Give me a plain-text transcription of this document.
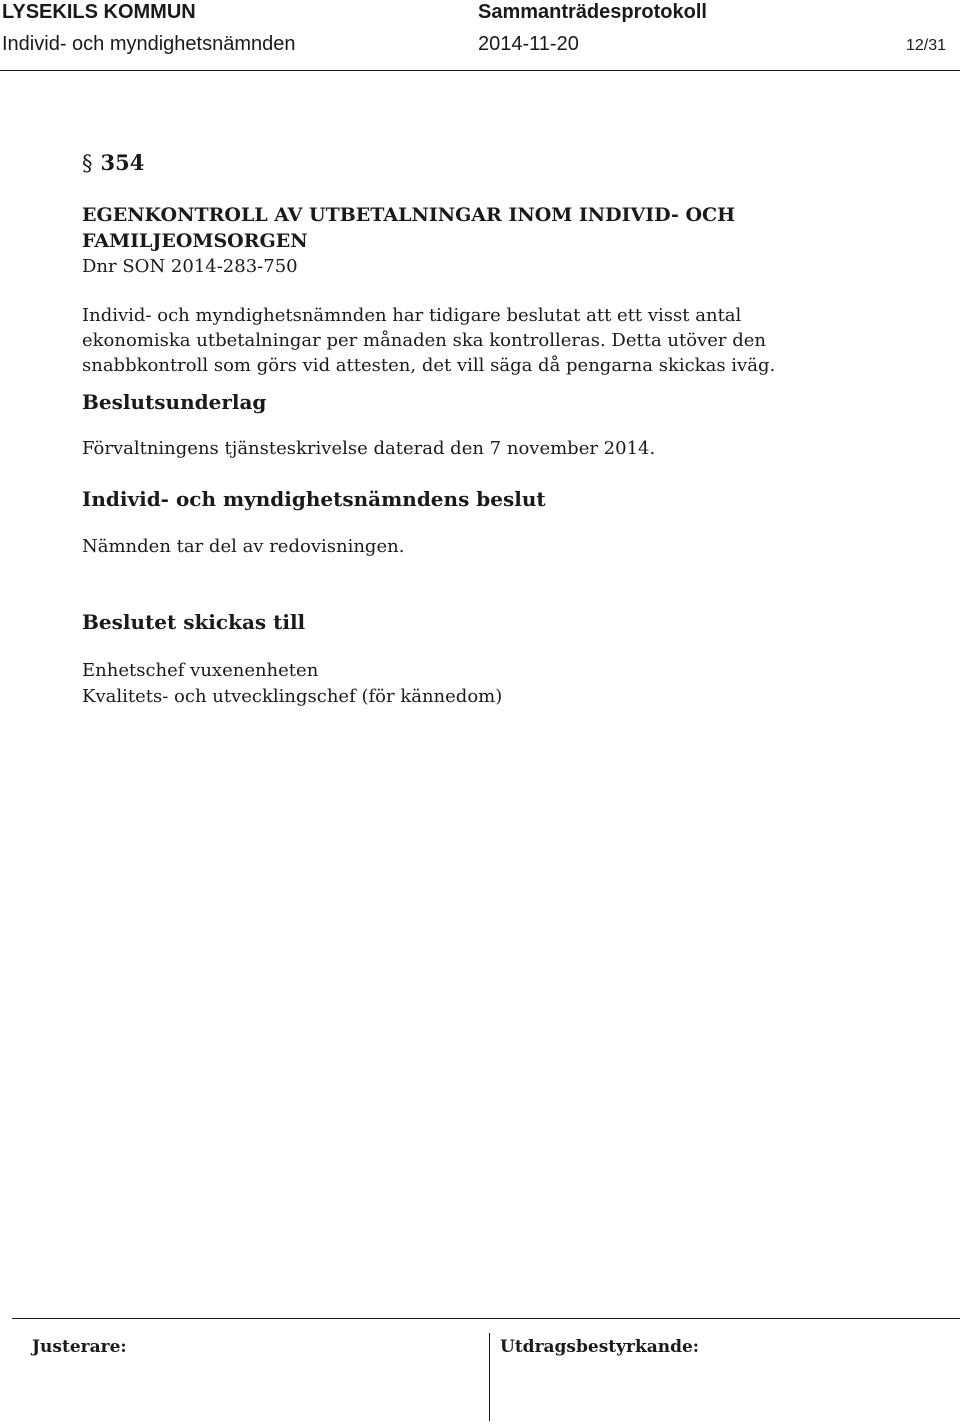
LYSEKILS KOMMUN	Sammanträdesprotokoll
Individ- och myndighetsnämnden	2014-11-20	12/31

§ 354

EGENKONTROLL AV UTBETALNINGAR INOM INDIVID- OCH FAMILJEOMSORGEN

Dnr SON 2014-283-750

Individ- och myndighetsnämnden har tidigare beslutat att ett visst antal ekonomiska utbetalningar per månaden ska kontrolleras. Detta utöver den snabbkontroll som görs vid attesten, det vill säga då pengarna skickas iväg.

Beslutsunderlag

Förvaltningens tjänsteskrivelse daterad den 7 november 2014.

Individ- och myndighetsnämndens beslut

Nämnden tar del av redovisningen.

Beslutet skickas till

Enhetschef vuxenenheten

Kvalitets- och utvecklingschef (för kännedom)

Justerare:	Utdragsbestyrkande:
